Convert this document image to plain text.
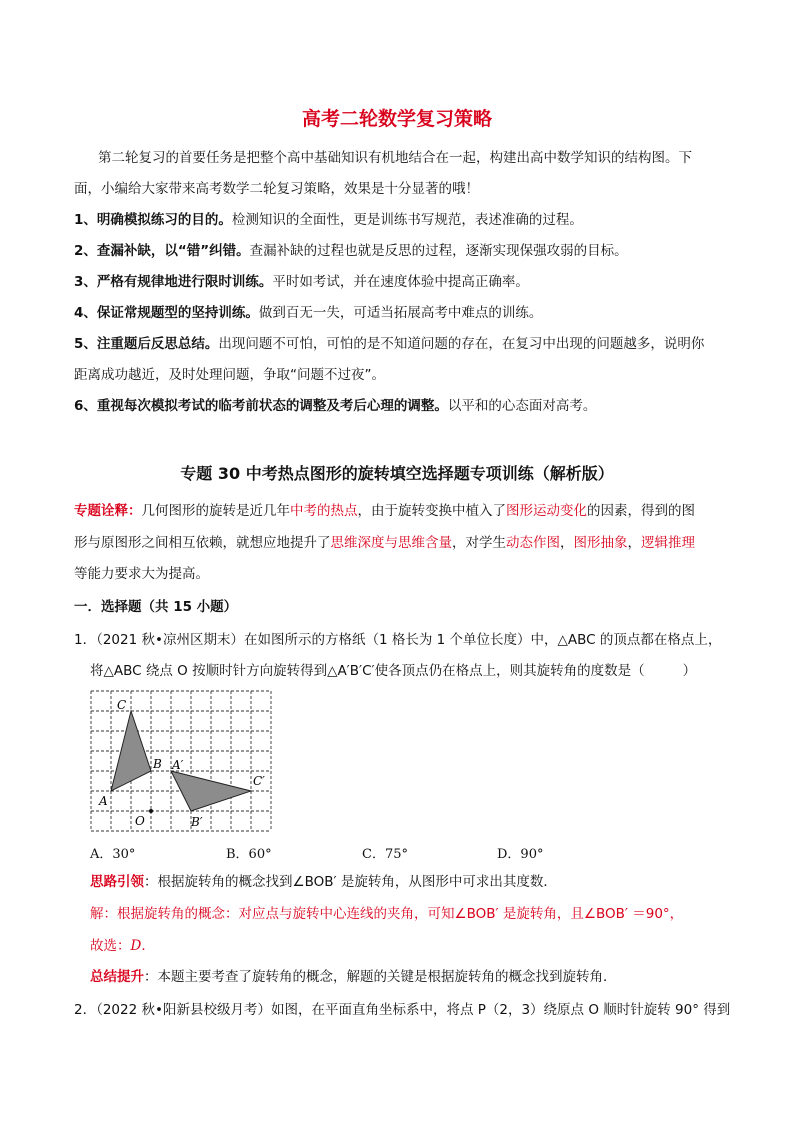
高考二轮数学复习策略
第二轮复习的首要任务是把整个高中基础知识有机地结合在一起，构建出高中数学知识的结构图。下
面，小编给大家带来高考数学二轮复习策略，效果是十分显著的哦！
1、明确模拟练习的目的。检测知识的全面性，更是训练书写规范，表述准确的过程。
2、查漏补缺，以“错”纠错。查漏补缺的过程也就是反思的过程，逐渐实现保强攻弱的目标。
3、严格有规律地进行限时训练。平时如考试，并在速度体验中提高正确率。
4、保证常规题型的坚持训练。做到百无一失，可适当拓展高考中难点的训练。
5、注重题后反思总结。出现问题不可怕，可怕的是不知道问题的存在，在复习中出现的问题越多，说明你
距离成功越近，及时处理问题，争取“问题不过夜”。
6、重视每次模拟考试的临考前状态的调整及考后心理的调整。以平和的心态面对高考。
专题 30 中考热点图形的旋转填空选择题专项训练（解析版）
专题诠释：几何图形的旋转是近几年中考的热点，由于旋转变换中植入了图形运动变化的因素，得到的图
形与原图形之间相互依赖，就想应地提升了思维深度与思维含量，对学生动态作图，图形抽象，逻辑推理
等能力要求大为提高。
一．选择题（共 15 小题）
1．（2021 秋•凉州区期末）在如图所示的方格纸（1 格长为 1 个单位长度）中，△ABC 的顶点都在格点上，
将△ABC 绕点 O 按顺时针方向旋转得到△A′B′C′使各顶点仍在格点上，则其旋转角的度数是（	）
C
B
A
O
A′
B′
C′
A．30°	B．60°	C．75°	D．90°
思路引领：根据旋转角的概念找到∠BOB′ 是旋转角，从图形中可求出其度数．
解：根据旋转角的概念：对应点与旋转中心连线的夹角，可知∠BOB′ 是旋转角，且∠BOB′ ＝90°，
故选：D．
总结提升：本题主要考查了旋转角的概念，解题的关键是根据旋转角的概念找到旋转角．
2．（2022 秋•阳新县校级月考）如图，在平面直角坐标系中，将点 P（2，3）绕原点 O 顺时针旋转 90° 得到
